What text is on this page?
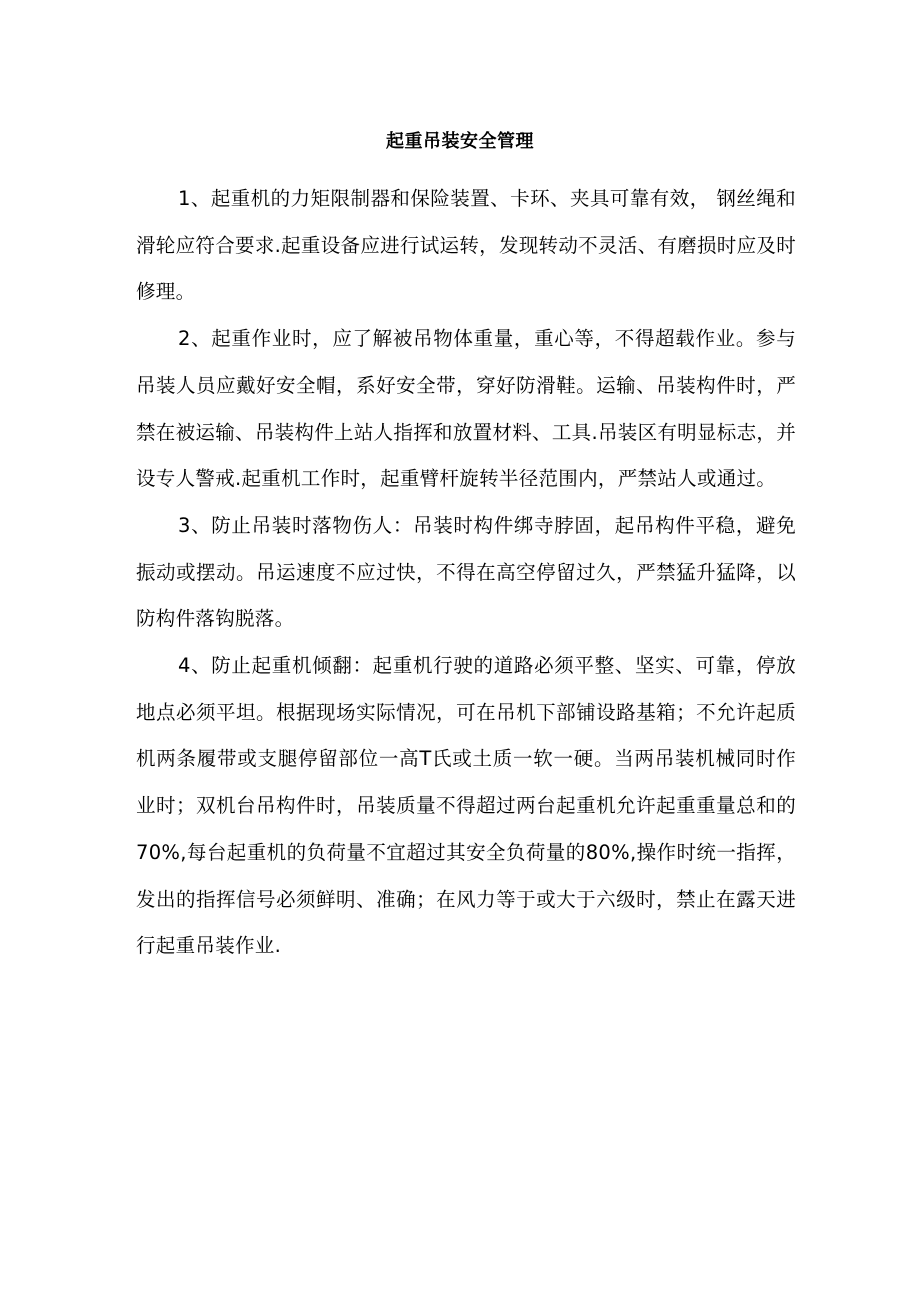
起重吊装安全管理

1、起重机的力矩限制器和保险装置、卡环、夹具可靠有效， 钢丝绳和滑轮应符合要求.起重设备应进行试运转，发现转动不灵活、有磨损时应及时修理。

2、起重作业时，应了解被吊物体重量，重心等，不得超载作业。参与吊装人员应戴好安全帽，系好安全带，穿好防滑鞋。运输、吊装构件时，严禁在被运输、吊装构件上站人指挥和放置材料、工具.吊装区有明显标志，并设专人警戒.起重机工作时，起重臂杆旋转半径范围内，严禁站人或通过。

3、防止吊装时落物伤人：吊装时构件绑寺脖固，起吊构件平稳，避免振动或摆动。吊运速度不应过快，不得在高空停留过久，严禁猛升猛降，以防构件落钩脱落。

4、防止起重机倾翻：起重机行驶的道路必须平整、坚实、可靠，停放地点必须平坦。根据现场实际情况，可在吊机下部铺设路基箱；不允许起质机两条履带或支腿停留部位一高T氏或土质一软一硬。当两吊装机械同时作业时；双机台吊构件时，吊装质量不得超过两台起重机允许起重重量总和的70%,每台起重机的负荷量不宜超过其安全负荷量的80%,操作时统一指挥， 发出的指挥信号必须鲜明、准确；在风力等于或大于六级时，禁止在露天进行起重吊装作业.
